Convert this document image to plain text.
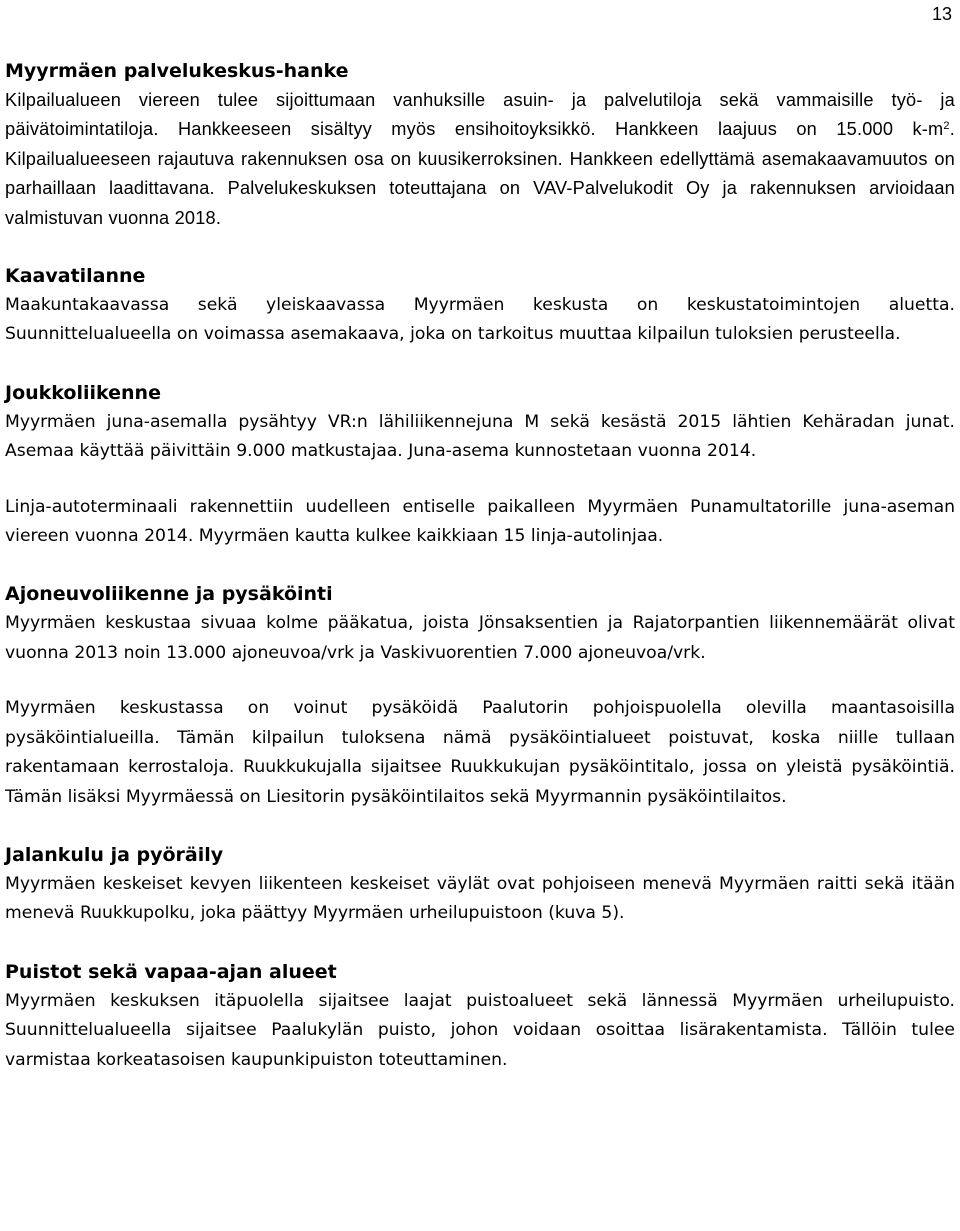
13
Myyrmäen palvelukeskus-hanke

Kilpailualueen viereen tulee sijoittumaan vanhuksille asuin- ja palvelutiloja sekä vammaisille työ- ja päivätoimintatiloja. Hankkeeseen sisältyy myös ensihoitoyksikkö. Hankkeen laajuus on 15.000 $k-m^2$. Kilpailualueeseen rajautuva rakennuksen osa on kuusikerroksinen. Hankkeen edellyttämä asemakaavamuutos on parhaillaan laadittavana. Palvelukeskuksen toteuttajana on VAV-Palvelukodit Oy ja rakennuksen arvioidaan valmistuvan vuonna 2018.

Kaavatilanne

Maakuntakaavassa sekä yleiskaavassa Myyrmäen keskusta on keskustatoimintojen aluetta. Suunnittelualueella on voimassa asemakaava, joka on tarkoitus muuttaa kilpailun tuloksien perusteella.

Joukkoliikenne

Myyrmäen juna-asemalla pysähtyy VR:n lähiliikennejuna M sekä kesästä 2015 lähtien Kehäradan junat. Asemaa käyttää päivittäin 9.000 matkustajaa. Juna-asema kunnostetaan vuonna 2014.

Linja-autoterminaali rakennettiin uudelleen entiselle paikalleen Myyrmäen Punamultatorille juna-aseman viereen vuonna 2014. Myyrmäen kautta kulkee kaikkiaan 15 linja-autolinjaa.

Ajoneuvoliikenne ja pysäköinti

Myyrmäen keskustaa sivuaa kolme pääkatua, joista Jönsaksentien ja Rajatorpantien liikennemäärät olivat vuonna 2013 noin 13.000 ajoneuvoa/vrk ja Vaskivuorentien 7.000 ajoneuvoa/vrk.

Myyrmäen keskustassa on voinut pysäköidä Paalutorin pohjoispuolella olevilla maantasoisilla pysäköintialueilla. Tämän kilpailun tuloksena nämä pysäköintialueet poistuvat, koska niille tullaan rakentamaan kerrostaloja. Ruukkukujalla sijaitsee Ruukkukujan pysäköintitalo, jossa on yleistä pysäköintiä. Tämän lisäksi Myyrmäessä on Liesitorin pysäköintilaitos sekä Myyrmannin pysäköintilaitos.

Jalankulu ja pyöräily

Myyrmäen keskeiset kevyen liikenteen keskeiset väylät ovat pohjoiseen menevä Myyrmäen raitti sekä itään menevä Ruukkupolku, joka päättyy Myyrmäen urheilupuistoon (kuva 5).

Puistot sekä vapaa-ajan alueet

Myyrmäen keskuksen itäpuolella sijaitsee laajat puistoalueet sekä lännessä Myyrmäen urheilupuisto. Suunnittelualueella sijaitsee Paalukylän puisto, johon voidaan osoittaa lisärakentamista. Tällöin tulee varmistaa korkeatasoisen kaupunkipuiston toteuttaminen.
